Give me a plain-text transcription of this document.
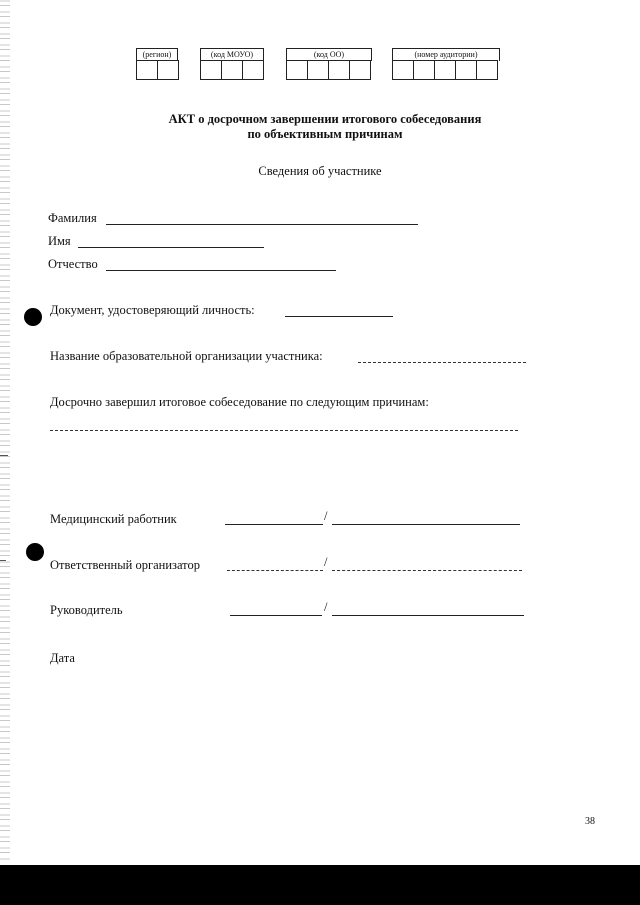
(регион)	(код МОУО)	(код ОО)	(номер аудитории)
АКТ о досрочном завершении итогового собеседования
по объективным причинам
Сведения об участнике
Фамилия
Имя
Отчество
Документ, удостоверяющий личность:
Название образовательной организации участника:
Досрочно завершил итоговое собеседование по следующим причинам:
Медицинский работник	/
Ответственный организатор	/
Руководитель	/
Дата
38
